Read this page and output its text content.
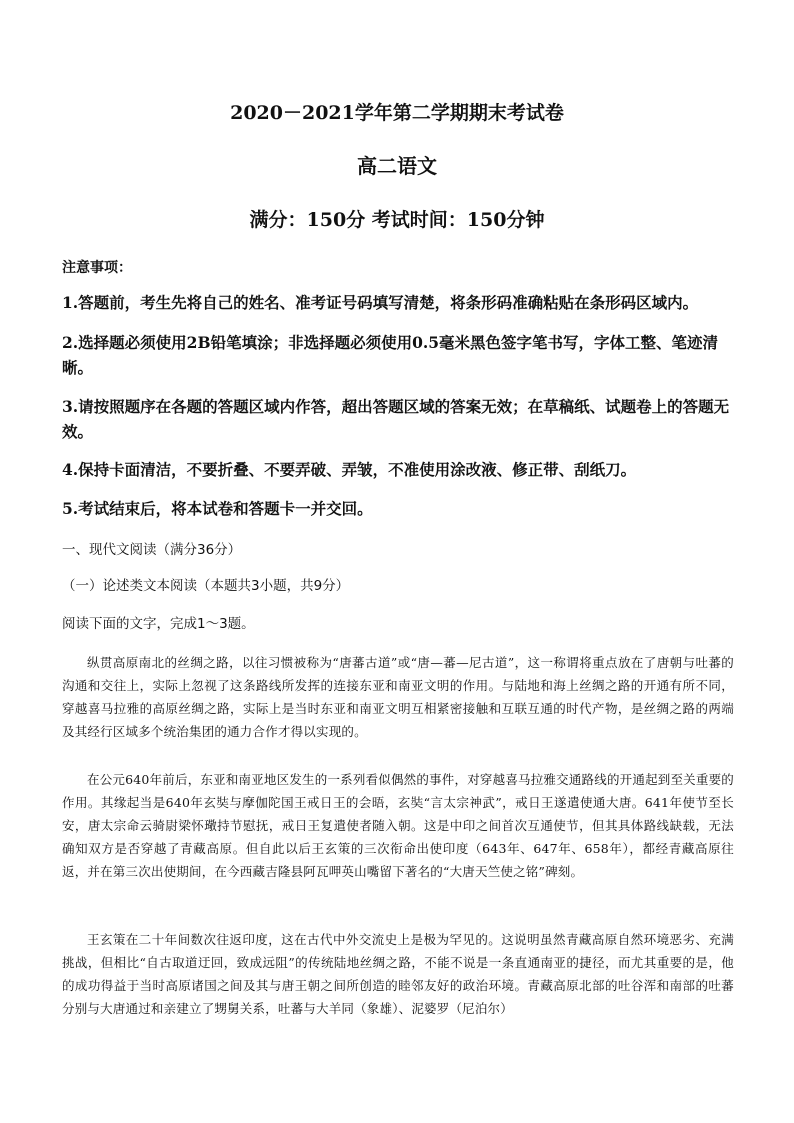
2020－2021学年第二学期期末考试卷
高二语文
满分：150分 考试时间：150分钟
注意事项：
1.答题前，考生先将自己的姓名、准考证号码填写清楚，将条形码准确粘贴在条形码区域内。
2.选择题必须使用2B铅笔填涂；非选择题必须使用0.5毫米黑色签字笔书写，字体工整、笔迹清晰。
3.请按照题序在各题的答题区域内作答，超出答题区域的答案无效；在草稿纸、试题卷上的答题无效。
4.保持卡面清洁，不要折叠、不要弄破、弄皱，不准使用涂改液、修正带、刮纸刀。
5.考试结束后，将本试卷和答题卡一并交回。
一、现代文阅读（满分36分）
（一）论述类文本阅读（本题共3小题，共9分）
阅读下面的文字，完成1～3题。
纵贯高原南北的丝绸之路，以往习惯被称为“唐蕃古道”或“唐—蕃—尼古道”，这一称谓将重点放在了唐朝与吐蕃的沟通和交往上，实际上忽视了这条路线所发挥的连接东亚和南亚文明的作用。与陆地和海上丝绸之路的开通有所不同，穿越喜马拉雅的高原丝绸之路，实际上是当时东亚和南亚文明互相紧密接触和互联互通的时代产物，是丝绸之路的两端及其经行区域多个统治集团的通力合作才得以实现的。
在公元640年前后，东亚和南亚地区发生的一系列看似偶然的事件，对穿越喜马拉雅交通路线的开通起到至关重要的作用。其缘起当是640年玄奘与摩伽陀国王戒日王的会晤，玄奘“言太宗神武”，戒日王遂遣使通大唐。641年使节至长安，唐太宗命云骑尉梁怀璥持节慰抚，戒日王复遣使者随入朝。这是中印之间首次互通使节，但其具体路线缺载，无法确知双方是否穿越了青藏高原。但自此以后王玄策的三次衔命出使印度（643年、647年、658年），都经青藏高原往返，并在第三次出使期间，在今西藏吉隆县阿瓦呷英山嘴留下著名的“大唐天竺使之铭”碑刻。
王玄策在二十年间数次往返印度，这在古代中外交流史上是极为罕见的。这说明虽然青藏高原自然环境恶劣、充满挑战，但相比“自古取道迂回，致成远阻”的传统陆地丝绸之路，不能不说是一条直通南亚的捷径，而尤其重要的是，他的成功得益于当时高原诸国之间及其与唐王朝之间所创造的睦邻友好的政治环境。青藏高原北部的吐谷浑和南部的吐蕃分别与大唐通过和亲建立了甥舅关系，吐蕃与大羊同（象雄）、泥婆罗（尼泊尔）
